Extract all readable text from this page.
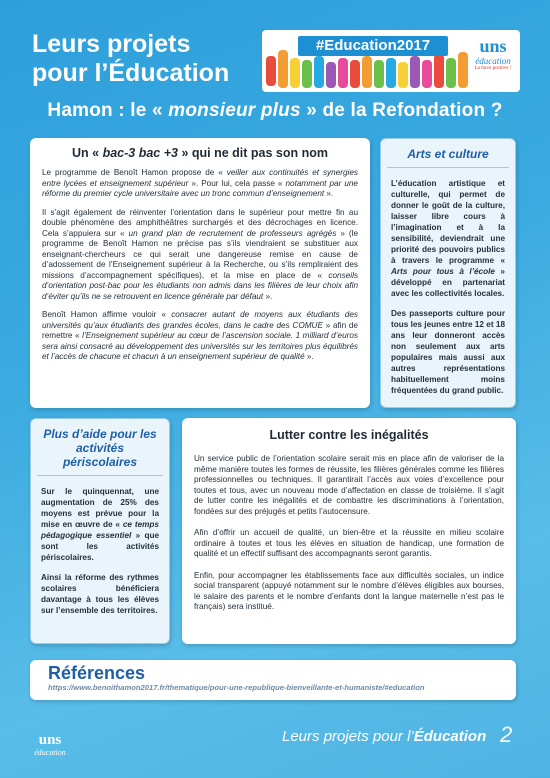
Leurs projets
pour l’Éducation
#Education2017	uns
éducation
La force positive !
Hamon : le « monsieur plus » de la Refondation ?
Un « bac-3 bac +3 » qui ne dit pas son nom

Le programme de Benoît Hamon propose de « veiller aux continuités et synergies entre lycées et enseignement supérieur ». Pour lui, cela passe « notamment par une réforme du premier cycle universitaire avec un tronc commun d’enseignement ».

Il s’agit également de réinventer l’orientation dans le supérieur pour mettre fin au double phénomène des amphithéâtres surchargés et des décrochages en licence. Cela s’appuiera sur « un grand plan de recrutement de professeurs agrégés » (le programme de Benoît Hamon ne précise pas s’ils viendraient se substituer aux enseignant-chercheurs ce qui serait une dangereuse remise en cause de d’adossement de l’Enseignement supérieur à la Recherche, ou s’ils rempliraient des missions d’accompagnement spécifiques), et la mise en place de « conseils d’orientation post-bac pour les étudiants non admis dans les filières de leur choix afin d’éviter qu’ils ne se retrouvent en licence générale par défaut ».

Benoît Hamon affirme vouloir « consacrer autant de moyens aux étudiants des universités qu’aux étudiants des grandes écoles, dans le cadre des COMUE » afin de remettre « l’Enseignement supérieur au cœur de l’ascension sociale. 1 milliard d’euros sera ainsi consacré au développement des universités sur les territoires plus équilibrés et l’accès de chacune et chacun à un enseignement supérieur de qualité ».

Arts et culture

L’éducation artistique et culturelle, qui permet de donner le goût de la culture, laisser libre cours à l’imagination et à la sensibilité, deviendrait une priorité des pouvoirs publics à travers le programme « Arts pour tous à l’école » développé en partenariat avec les collectivités locales.

Des passeports culture pour tous les jeunes entre 12 et 18 ans leur donneront accès non seulement aux arts populaires mais aussi aux autres représentations habituellement moins fréquentées du grand public.

Plus d’aide pour les activités périscolaires

Sur le quinquennat, une augmentation de 25% des moyens est prévue pour la mise en œuvre de « ce temps pédagogique essentiel » que sont les activités périscolaires.

Ainsi la réforme des rythmes scolaires bénéficiera davantage à tous les élèves sur l’ensemble des territoires.

Lutter contre les inégalités

Un service public de l’orientation scolaire serait mis en place afin de valoriser de la même manière toutes les formes de réussite, les filières générales comme les filières professionnelles ou techniques. Il garantirait l’accès aux voies d’excellence pour toutes et tous, avec un nouveau mode d’affectation en classe de troisième. Il s’agit de lutter contre les inégalités et de combattre les discriminations à l’orientation, fondées sur des préjugés et petits l’autocensure.

Afin d’offrir un accueil de qualité, un bien-être et la réussite en milieu scolaire ordinaire à toutes et tous les élèves en situation de handicap, une formation de qualité et un effectif suffisant des accompagnants seront garantis.

Enfin, pour accompagner les établissements face aux difficultés sociales, un indice social transparent (appuyé notamment sur le nombre d’élèves éligibles aux bourses, le salaire des parents et le nombre d’enfants dont la langue maternelle n’est pas le français) sera institué.

Références
https://www.benoithamon2017.fr/thematique/pour-une-republique-bienveillante-et-humaniste/#education
uns
éducation
Leurs projets pour l’Éducation 2
